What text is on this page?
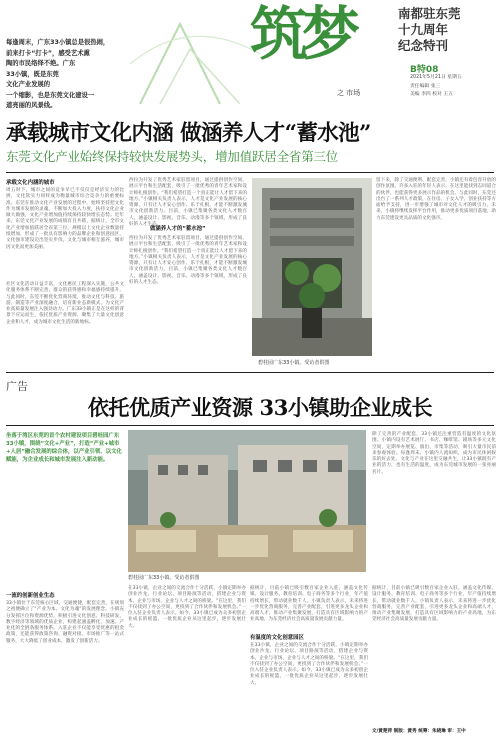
每逢周末，广东33小镇总是很热闹，
前来打卡“打卡”，感受艺术熏
陶的市民络绎不绝。广东
33小镇，既是东莞
文化产业发展的
一个缩影，也是东莞文化建设一
道亮丽的风景线。
筑梦
之 市场
南都驻东莞
十九周年
纪念特刊
B特08
2021年5月21日 星期五
责任编辑 张三
美编 李四 校对 王五
承载城市文化内涵 做涵养人才“蓄水池”
东莞文化产业始终保持较快发展势头，增加值跃居全省第三位
承载文化内涵的城市
周五时下，城市之间的竞争早已不仅仅是经济实力的比拼，文化软实力同样成为衡量城市综合竞争力的重要标准。东莞在推动文化产业发展的过程中，始终坚持把文化作为城市发展的灵魂，不断加大投入力度，扶持文化企业做大做强，文化产业增加值持续保持较快增长态势。近年来，东莞文化产业发展的成绩有目共睹，据统计，全市文化产业增加值跃居全省第三位，规模以上文化企业数量持续增加，形成了一批具有影响力的品牌企业和创意园区，文化强市建设迈出坚实步伐。文化与城市相互滋养，城市因文化而更加美丽。
社区文化活动日益丰富，文化惠民工程深入实施，公共文化服务体系不断完善，群众的获得感和幸福感持续提升。与此同时，东莞不断优化营商环境，推动文化与科技、旅游、制造等产业深度融合，培育新业态新模式，为文化产业高质量发展注入强劲动力。广东33小镇正是在这样的背景下应运而生，依托优质产业资源，聚集了大量文化创意企业和人才，成为城市文化生活的新地标。
西拉为开发了优秀艺术家驻留项目，通过提供创作空间、展示平台和生活配套，吸引了一批优秀的青年艺术家和设计师扎根创作。“我们希望打造一个真正能让人才留下来的地方。”小镇相关负责人表示，人才是文化产业发展的核心资源，只有让人才安心创作、乐于扎根，才能不断激发城市文化创新活力。目前，小镇已集聚各类文化人才数百人，涵盖设计、影视、音乐、动漫等多个领域，形成了良好的人才生态。
做涵养人才的“蓄水池”
西拉为开发了优秀艺术家驻留项目，通过提供创作空间、展示平台和生活配套，吸引了一批优秀的青年艺术家和设计师扎根创作。“我们希望打造一个真正能让人才留下来的地方。”小镇相关负责人表示，人才是文化产业发展的核心资源，只有让人才安心创作、乐于扎根，才能不断激发城市文化创新活力。目前，小镇已集聚各类文化人才数百人，涵盖设计、影视、音乐、动漫等多个领域，形成了良好的人才生态。
碧桂园广东33小镇。受访者供图
留下来，除了交通便利、配套完善，小镇还有着包容开放的创作氛围。许多入驻的年轻人表示，在这里能找到志同道合的伙伴，也能获得更多展示作品的机会。与此同时，东莞还出台了一系列人才政策，在住房、子女入学、创业扶持等方面给予支持，进一步增强了城市对文化人才的吸引力。未来，小镇将继续发挥平台作用，推动更多优质项目落地，助力东莞建设更具品质的文化强市。
广告
依托优质产业资源 33小镇助企业成长
坐落于湾区东莞的首个农村建设项目碧桂园广东33小镇，围绕“文化+产业”，打造“产业+城市+人居”融合发展的综合体，以产业引领、以文化赋能，为企业成长和城市发展注入新动能。
碧桂园广东33小镇。受访者供图
除了完善的产业配套，33小镇还注重营造有温度的文化氛围。小镇内设有艺术展厅、书店、咖啡馆、剧场等多元文化空间，定期举办展览、演出、市集等活动，吸引大量市民前来参观体验。每逢周末，小镇内人流如织，成为市民休闲娱乐的好去处。文化与产业在这里交融共生，让33小镇既有产业的活力，也有生活的温度，成为东莞城市发展的一张亮丽名片。
一流的创新创业生态
33小镇位于东莞核心区域，交通便捷，配套完善，在规划之初便确立了“产业为本、文化为魂”的发展理念。小镇充分发挥区位和资源优势，积极引进文化创意、科技研发、数字经济等领域的优质企业，构建起涵盖孵化、加速、产业化的全链条服务体系。入驻企业不仅能享受优惠的租金政策，还能获得政策咨询、融资对接、市场推广等一站式服务，大大降低了创业成本，激发了创新活力。
在33小镇，企业之间的交流合作十分活跃，小镇定期举办创业沙龙、行业论坛、项目路演等活动，搭建企业与资本、企业与市场、企业与人才之间的桥梁。“在这里，我们不仅找到了办公空间，更找到了合作伙伴和发展机会。”一位入驻企业负责人表示。如今，33小镇已成为众多初创企业成长的摇篮，一批优质企业从这里起步，逐步发展壮大。
据统计，目前小镇已吸引数百家企业入驻，涵盖文化传媒、设计服务、教育培训、电子商务等多个行业，年产值持续增长，带动就业数千人。小镇负责人表示，未来将进一步优化营商服务，完善产业配套，引进更多龙头企业和高端人才，推动产业集聚发展，打造具有区域影响力的产业高地，为东莞经济社会高质量发展贡献力量。
有温度的文化创意园区
在33小镇，企业之间的交流合作十分活跃，小镇定期举办创业沙龙、行业论坛、项目路演等活动，搭建企业与资本、企业与市场、企业与人才之间的桥梁。“在这里，我们不仅找到了办公空间，更找到了合作伙伴和发展机会。”一位入驻企业负责人表示。如今，33小镇已成为众多初创企业成长的摇篮，一批优质企业从这里起步，逐步发展壮大。
据统计，目前小镇已吸引数百家企业入驻，涵盖文化传媒、设计服务、教育培训、电子商务等多个行业，年产值持续增长，带动就业数千人。小镇负责人表示，未来将进一步优化营商服务，完善产业配套，引进更多龙头企业和高端人才，推动产业集聚发展，打造具有区域影响力的产业高地，为东莞经济社会高质量发展贡献力量。
文/黄楚萍 制版：黄秀 统筹：朱晓琳 审：王中
